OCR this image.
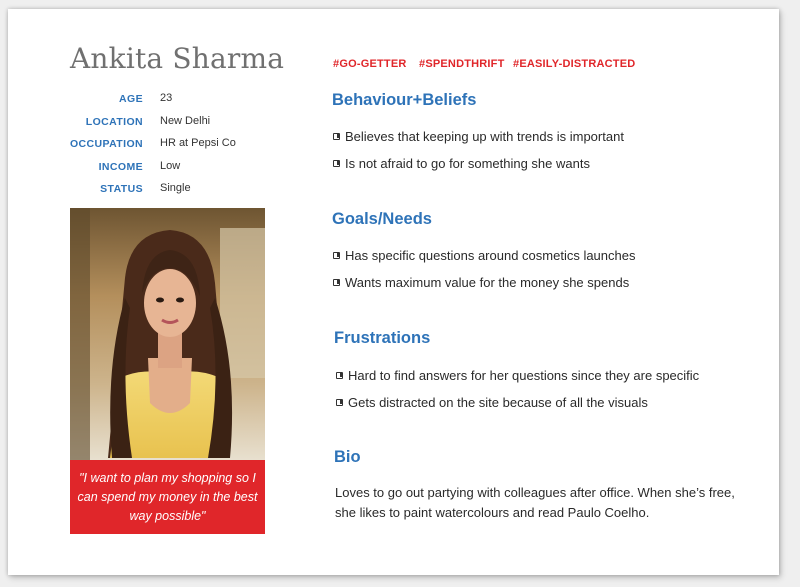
Ankita Sharma
AGE 23
LOCATION New Delhi
OCCUPATION HR at Pepsi Co
INCOME Low
STATUS Single
"I want to plan my shopping so I can spend my money in the best way possible"
#GO-GETTER #SPENDTHRIFT #EASILY-DISTRACTED
Behaviour+Beliefs
Believes that keeping up with trends is important
Is not afraid to go for something she wants
Goals/Needs
Has specific questions around cosmetics launches
Wants maximum value for the money she spends
Frustrations
Hard to find answers for her questions since they are specific
Gets distracted on the site because of all the visuals
Bio
Loves to go out partying with colleagues after office. When she’s free, she likes to paint watercolours and read Paulo Coelho.
